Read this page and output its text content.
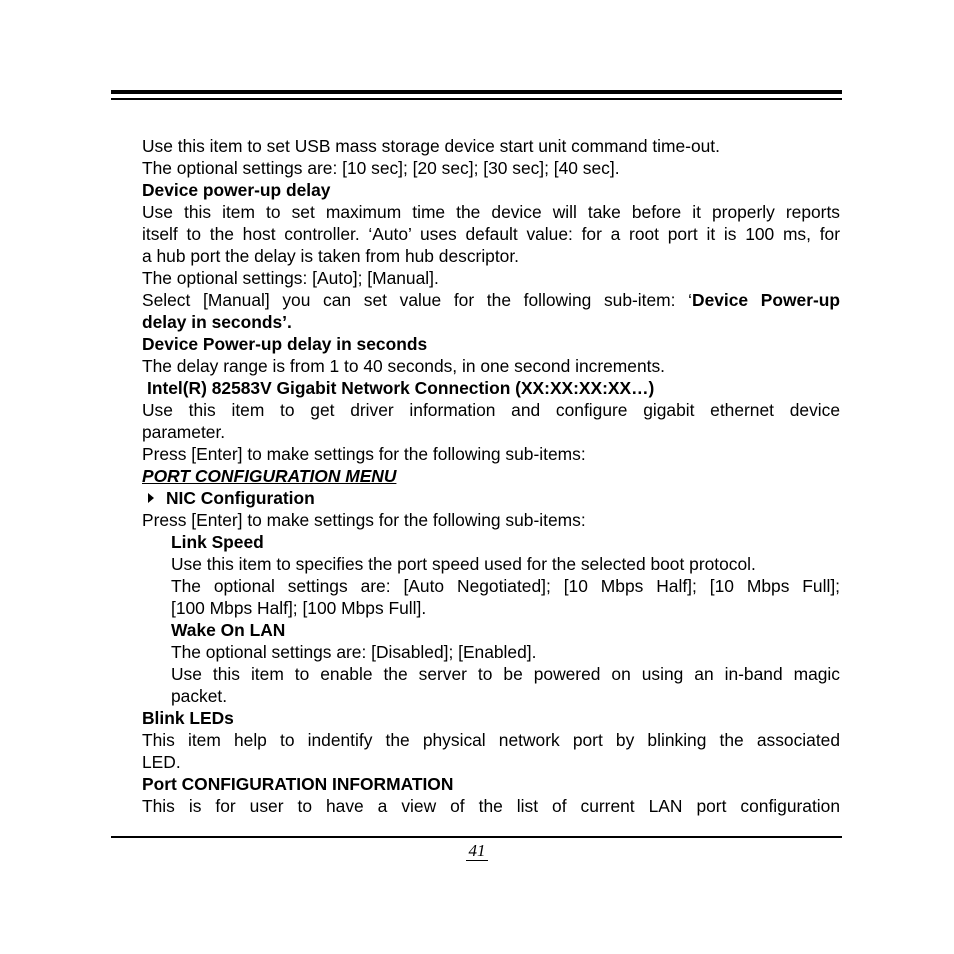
Use this item to set USB mass storage device start unit command time-out.
The optional settings are: [10 sec]; [20 sec]; [30 sec]; [40 sec].
Device power-up delay
Use this item to set maximum time the device will take before it properly reports
itself to the host controller. ‘Auto’ uses default value: for a root port it is 100 ms, for
a hub port the delay is taken from hub descriptor.
The optional settings: [Auto]; [Manual].
Select [Manual] you can set value for the following sub-item: ‘Device Power-up
delay in seconds’.
Device Power-up delay in seconds
The delay range is from 1 to 40 seconds, in one second increments.
Intel(R) 82583V Gigabit Network Connection (XX:XX:XX:XX…)
Use this item to get driver information and configure gigabit ethernet device
parameter.
Press [Enter] to make settings for the following sub-items:
PORT CONFIGURATION MENU
NIC Configuration
Press [Enter] to make settings for the following sub-items:
Link Speed
Use this item to specifies the port speed used for the selected boot protocol.
The optional settings are: [Auto Negotiated]; [10 Mbps Half]; [10 Mbps Full];
[100 Mbps Half]; [100 Mbps Full].
Wake On LAN
The optional settings are: [Disabled]; [Enabled].
Use this item to enable the server to be powered on using an in-band magic
packet.
Blink LEDs
This item help to indentify the physical network port by blinking the associated
LED.
Port CONFIGURATION INFORMATION
This is for user to have a view of the list of current LAN port configuration
41
